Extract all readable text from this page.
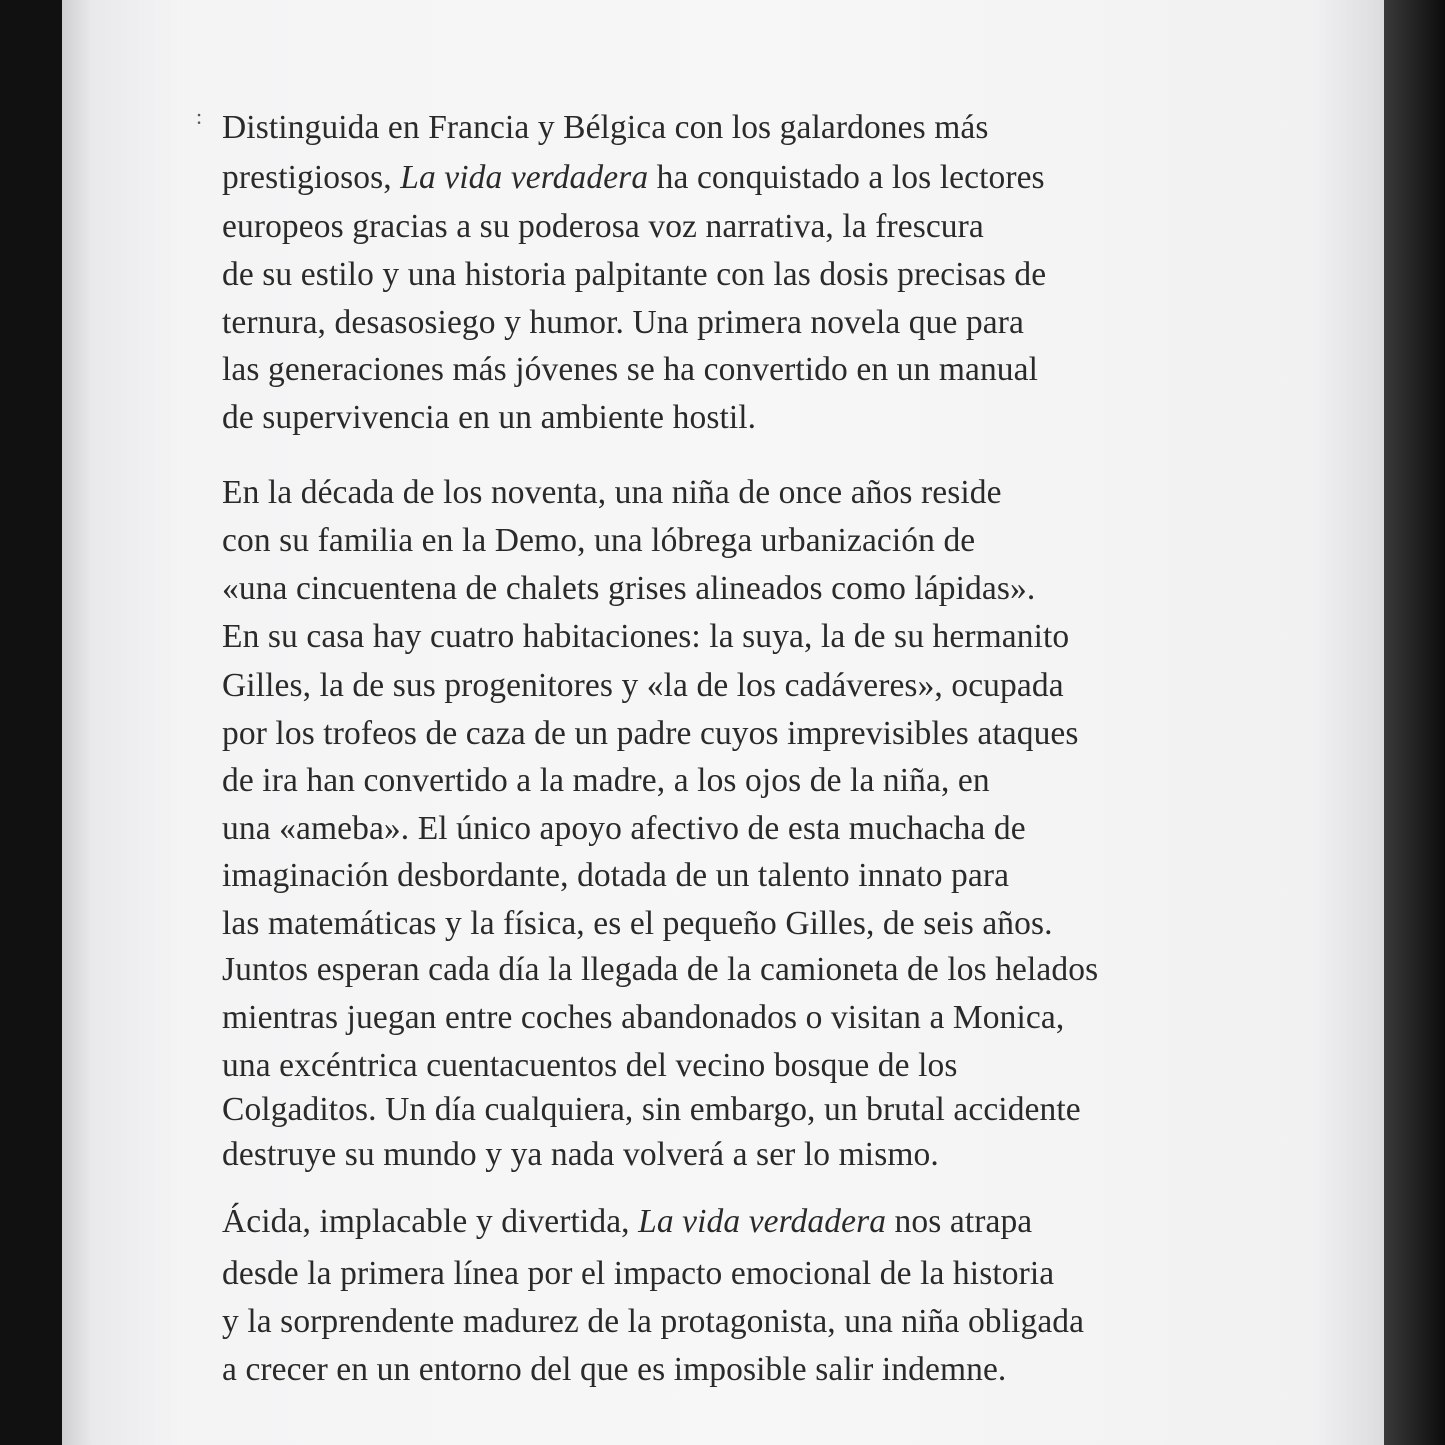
: Distinguida en Francia y Bélgica con los galardones más
prestigiosos, La vida verdadera ha conquistado a los lectores
europeos gracias a su poderosa voz narrativa, la frescura
de su estilo y una historia palpitante con las dosis precisas de
ternura, desasosiego y humor. Una primera novela que para
las generaciones más jóvenes se ha convertido en un manual
de supervivencia en un ambiente hostil.
En la década de los noventa, una niña de once años reside
con su familia en la Demo, una lóbrega urbanización de
«una cincuentena de chalets grises alineados como lápidas».
En su casa hay cuatro habitaciones: la suya, la de su hermanito
Gilles, la de sus progenitores y «la de los cadáveres», ocupada
por los trofeos de caza de un padre cuyos imprevisibles ataques
de ira han convertido a la madre, a los ojos de la niña, en
una «ameba». El único apoyo afectivo de esta muchacha de
imaginación desbordante, dotada de un talento innato para
las matemáticas y la física, es el pequeño Gilles, de seis años.
Juntos esperan cada día la llegada de la camioneta de los helados
mientras juegan entre coches abandonados o visitan a Monica,
una excéntrica cuentacuentos del vecino bosque de los
Colgaditos. Un día cualquiera, sin embargo, un brutal accidente
destruye su mundo y ya nada volverá a ser lo mismo.
Ácida, implacable y divertida, La vida verdadera nos atrapa
desde la primera línea por el impacto emocional de la historia
y la sorprendente madurez de la protagonista, una niña obligada
a crecer en un entorno del que es imposible salir indemne.
